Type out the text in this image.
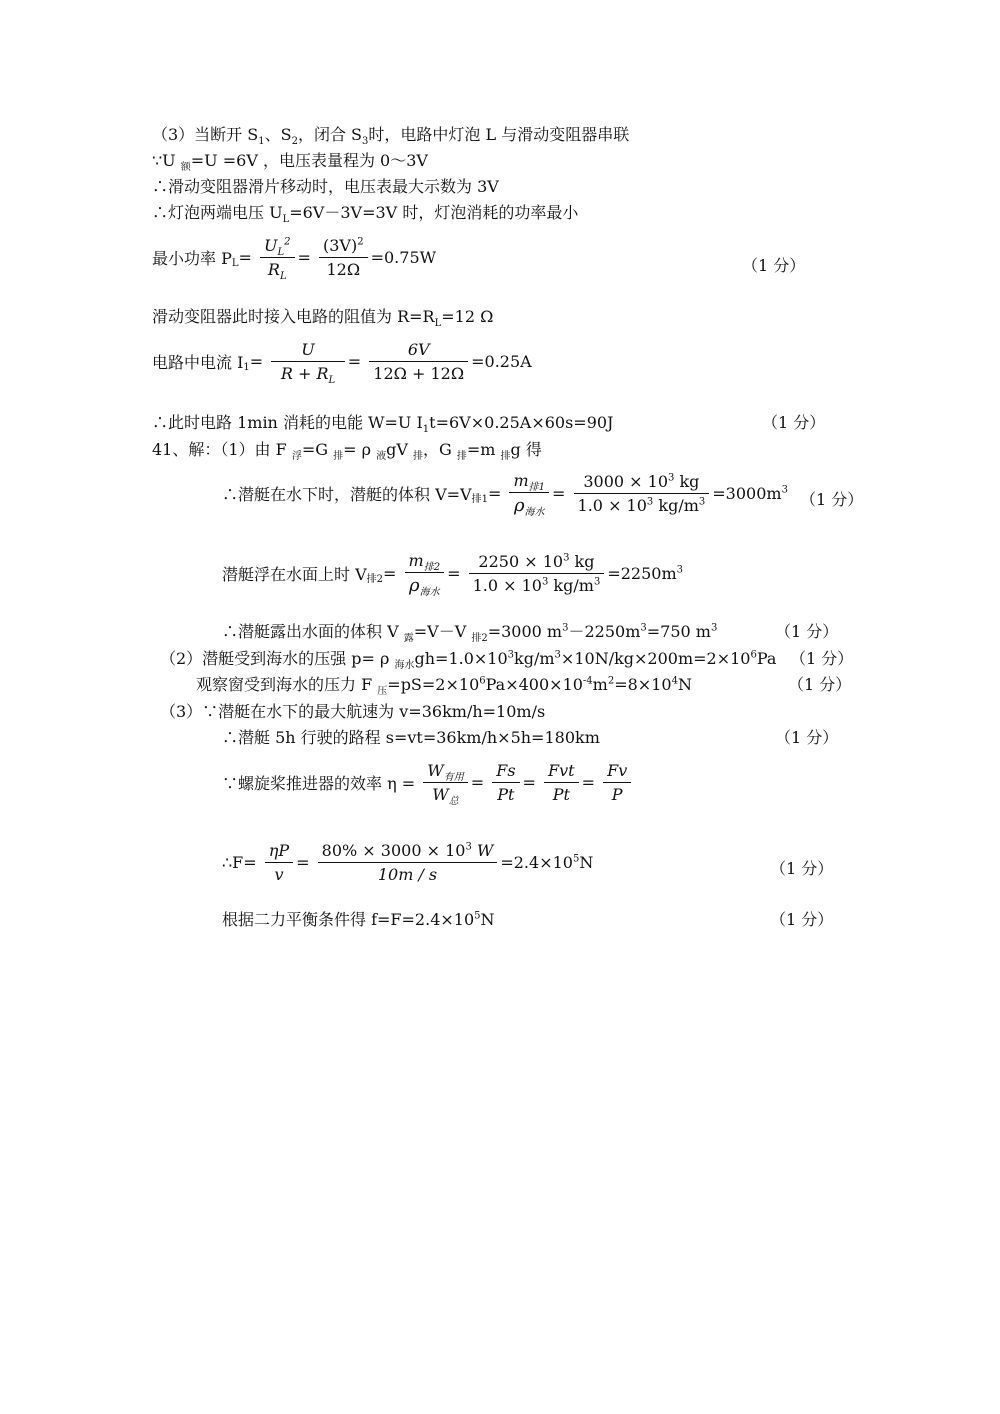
（3）当断开 $S_1$、$S_2$，闭合 $S_3$时，电路中灯泡 L 与滑动变阻器串联
∵U $_额$=U =6V ，电压表量程为 0～3V
∴滑动变阻器滑片移动时，电压表最大示数为 3V
∴灯泡两端电压 $U_L=6V-3V=3V$ 时，灯泡消耗的功率最小
最小功率 $P_L= \frac{U_L^2}{R_L} = \frac{(3V)^2}{12\Omega} =0.75W$	（1 分）
滑动变阻器此时接入电路的阻值为 $R=R_L=12$ Ω
电路中电流 $I_1= \frac{U}{R + R_L} = \frac{6V}{12\Omega + 12\Omega} =0.25A$
∴此时电路 1min 消耗的电能 W=U $I_1t=6V\times 0.25A\times 60s=90J$	（1 分）
41、解：（1）由 F $_浮$=G $_排$= ρ $_液$gV $_排$，G $_排$=m $_排$g 得
∴潜艇在水下时，潜艇的体积 $V=V_{排1}= \frac{m_{排1}}{\rho_{海水}} = \frac{3000 \times 10^3 kg}{1.0 \times 10^3 kg/m^3} =3000m^3$ （1 分）
潜艇浮在水面上时 $V_{排2}= \frac{m_{排2}}{\rho_{海水}} = \frac{2250 \times 10^3 kg}{1.0 \times 10^3 kg/m^3} =2250m^3$
∴潜艇露出水面的体积 V $_露$=V－V $_{排2}$=3000 $m^3-2250m^3=750$ $m^3$	（1 分）
（2）潜艇受到海水的压强 p= ρ $_{海水}gh=1.0\times 10^3kg/m^3\times 10N/kg\times 200m=2\times 10^6Pa$ （1 分）
观察窗受到海水的压力 F $_压=pS=2\times 10^6Pa\times 400\times 10^{-4}m^2=8\times 10^4N$	（1 分）
（3）∵潜艇在水下的最大航速为 v=36km/h=10m/s
∴潜艇 5h 行驶的路程 s=vt=36km/h×5h=180km	（1 分）
∵螺旋桨推进器的效率 $\eta = \frac{W_{有用}}{W_总} = \frac{Fs}{Pt} = \frac{\text{Fvt}}{Pt} = \frac{Fv}{P}$
∴F= $\frac{\eta P}{v} = \frac{80\% \times 3000 \times 10^3 W}{10m / s} =2.4\times 10^5N$	（1 分）
根据二力平衡条件得 $f=F=2.4\times 10^5N$	（1 分）
